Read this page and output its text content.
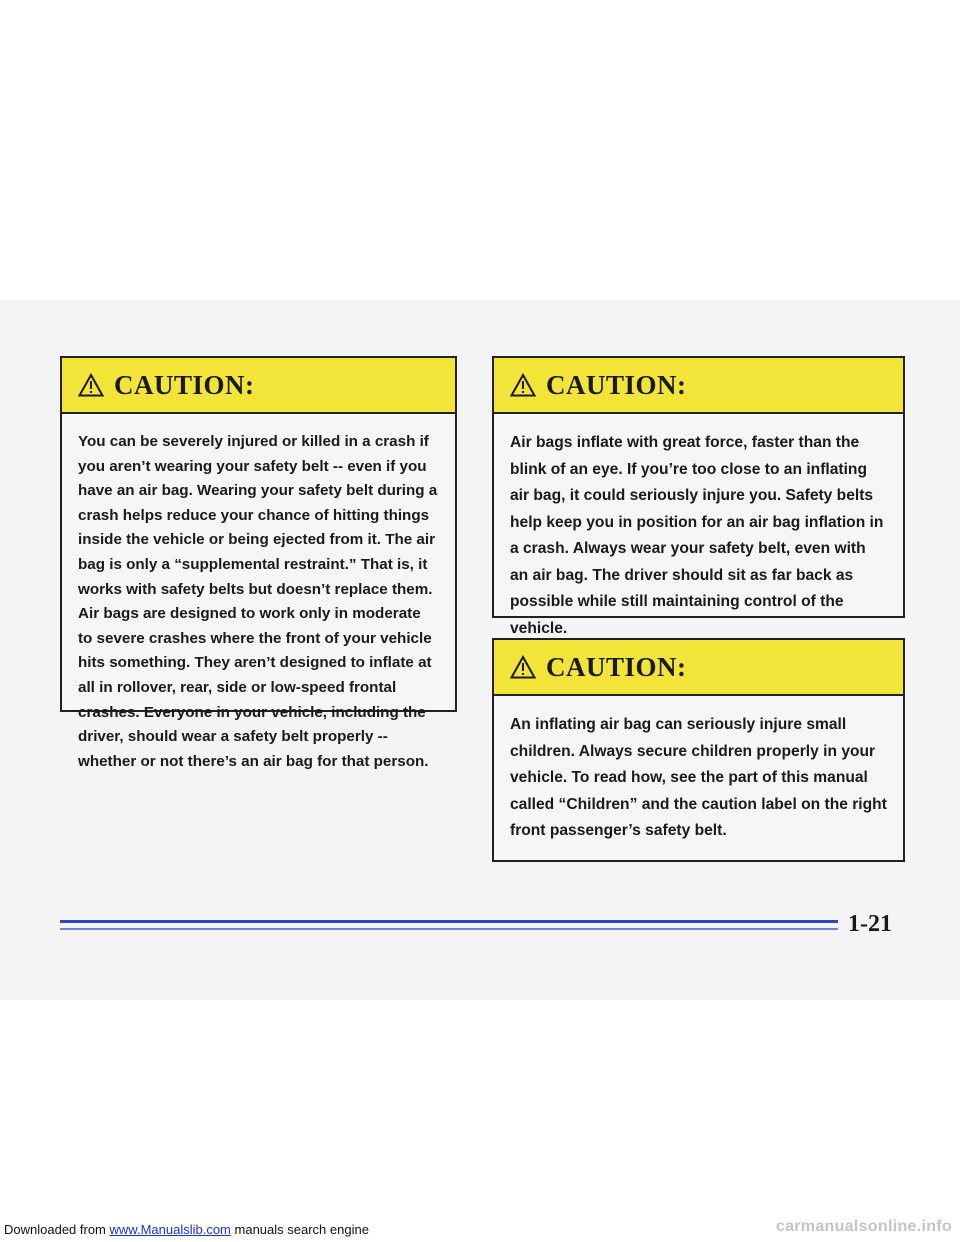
CAUTION:
You can be severely injured or killed in a crash if you aren’t wearing your safety belt -- even if you have an air bag. Wearing your safety belt during a crash helps reduce your chance of hitting things inside the vehicle or being ejected from it. The air bag is only a “supplemental restraint.” That is, it works with safety belts but doesn’t replace them. Air bags are designed to work only in moderate to severe crashes where the front of your vehicle hits something. They aren’t designed to inflate at all in rollover, rear, side or low-speed frontal crashes. Everyone in your vehicle, including the driver, should wear a safety belt properly -- whether or not there’s an air bag for that person.
CAUTION:
Air bags inflate with great force, faster than the blink of an eye. If you’re too close to an inflating air bag, it could seriously injure you. Safety belts help keep you in position for an air bag inflation in a crash. Always wear your safety belt, even with an air bag. The driver should sit as far back as possible while still maintaining control of the vehicle.
CAUTION:
An inflating air bag can seriously injure small children. Always secure children properly in your vehicle. To read how, see the part of this manual called “Children” and the caution label on the right front passenger’s safety belt.
1-21
Downloaded from www.Manualslib.com manuals search engine	carmanualsonline.info
